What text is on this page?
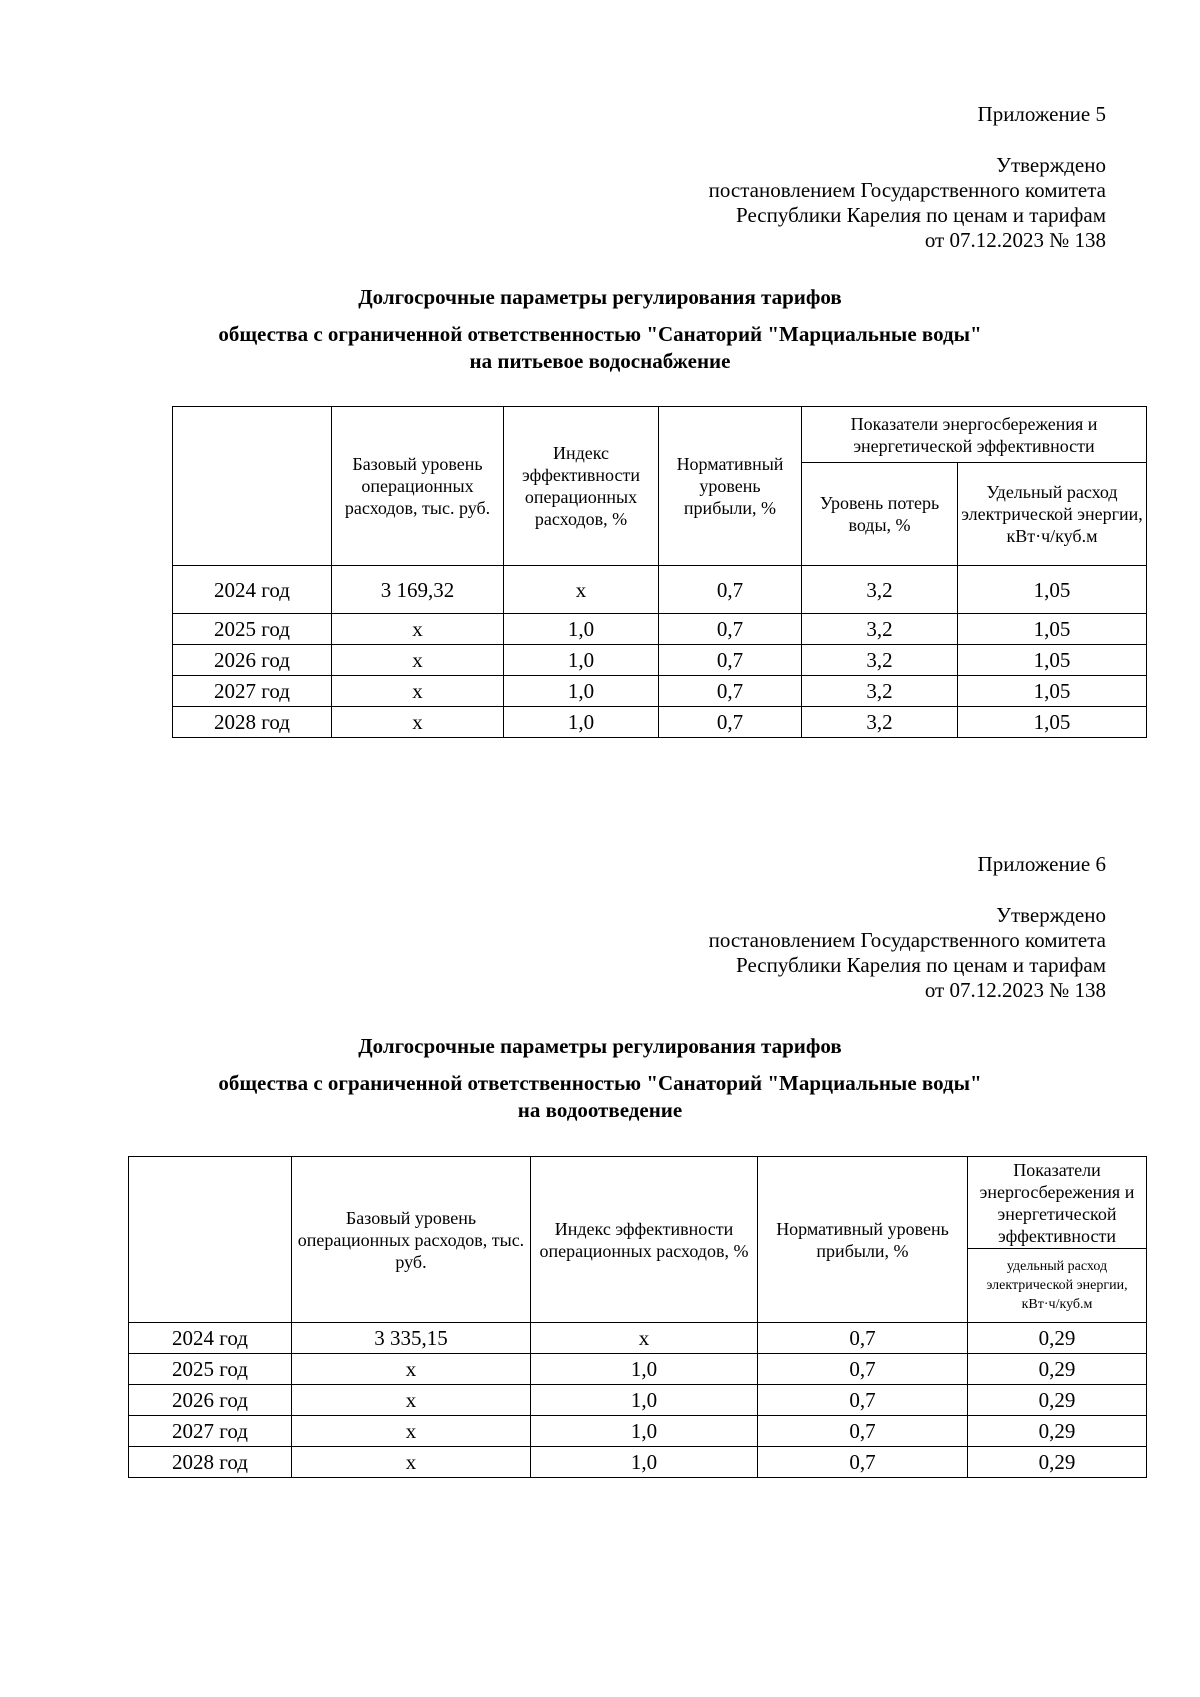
Приложение 5
Утверждено
постановлением Государственного комитета
Республики Карелия по ценам и тарифам
от 07.12.2023 № 138
Долгосрочные параметры регулирования тарифов
общества с ограниченной ответственностью "Санаторий "Марциальные воды"
на питьевое водоснабжение
	Базовый уровень операционных расходов, тыс. руб.	Индекс эффективности операционных расходов, %	Нормативный уровень прибыли, %	Показатели энергосбережения и энергетической эффективности	
				Уровень потерь воды, %	Удельный расход электрической энергии, кВт·ч/куб.м
2024 год	3 169,32	х	0,7	3,2	1,05
2025 год	х	1,0	0,7	3,2	1,05
2026 год	х	1,0	0,7	3,2	1,05
2027 год	х	1,0	0,7	3,2	1,05
2028 год	х	1,0	0,7	3,2	1,05
Приложение 6
Утверждено
постановлением Государственного комитета
Республики Карелия по ценам и тарифам
от 07.12.2023 № 138
Долгосрочные параметры регулирования тарифов
общества с ограниченной ответственностью "Санаторий "Марциальные воды"
на водоотведение
	Базовый уровень операционных расходов, тыс. руб.	Индекс эффективности операционных расходов, %	Нормативный уровень прибыли, %	Показатели энергосбережения и энергетической эффективности
				удельный расход электрической энергии, кВт·ч/куб.м
2024 год	3 335,15	х	0,7	0,29
2025 год	х	1,0	0,7	0,29
2026 год	х	1,0	0,7	0,29
2027 год	х	1,0	0,7	0,29
2028 год	х	1,0	0,7	0,29
